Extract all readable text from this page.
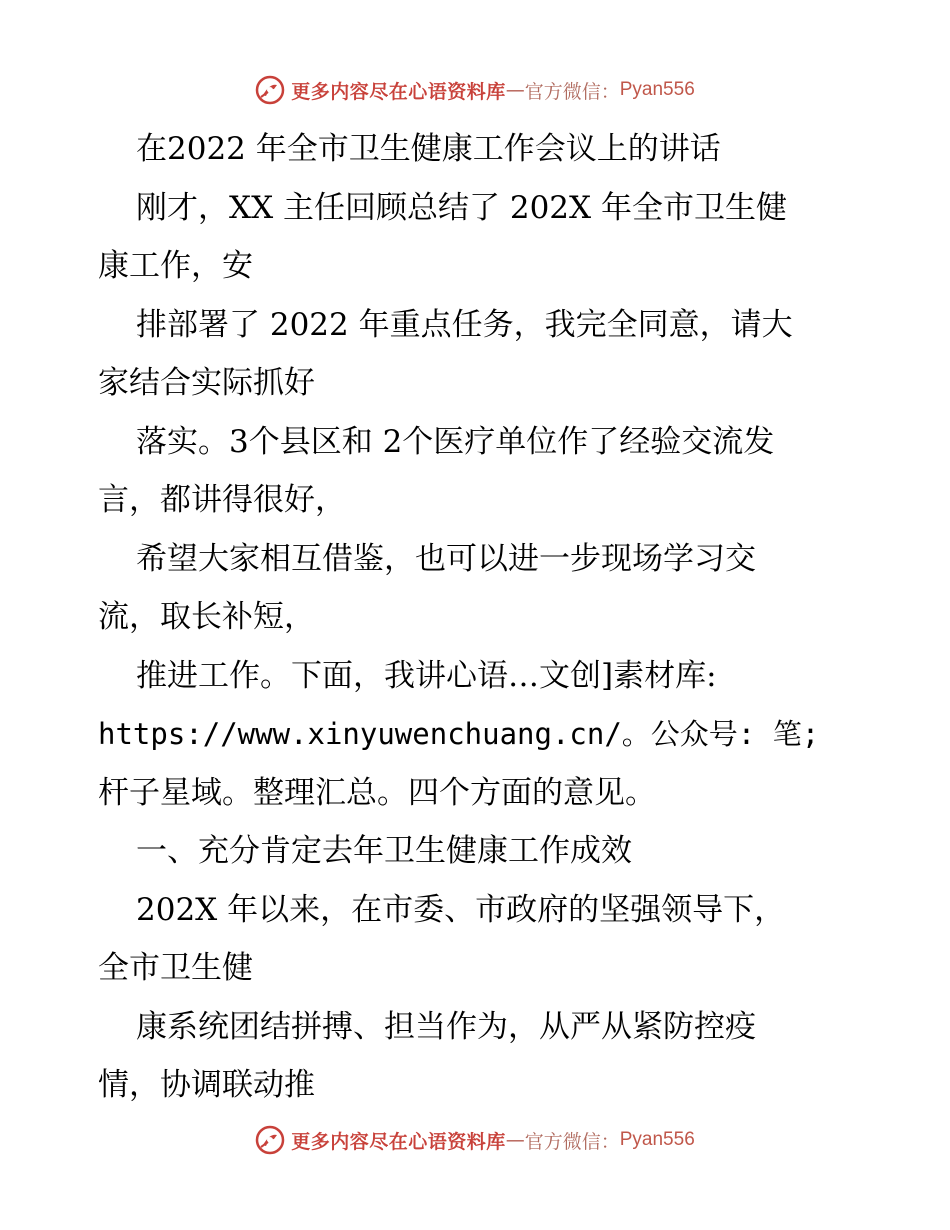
更多内容尽在心语资料库 — 官方微信： Pyan556
在2022 年全市卫生健康工作会议上的讲话
刚才，XX 主任回顾总结了 202X 年全市卫生健
康工作，安
排部署了 2022 年重点任务，我完全同意，请大
家结合实际抓好
落实。3个县区和 2个医疗单位作了经验交流发
言，都讲得很好，
希望大家相互借鉴，也可以进一步现场学习交
流，取长补短，
推进工作。下面，我讲心语…文创]素材库:
https://www.xinyuwenchuang.cn/。公众号: 笔;
杆子星域。整理汇总。四个方面的意见。
一、充分肯定去年卫生健康工作成效
202X 年以来，在市委、市政府的坚强领导下，
全市卫生健
康系统团结拼搏、担当作为，从严从紧防控疫
情，协调联动推
更多内容尽在心语资料库 — 官方微信： Pyan556
